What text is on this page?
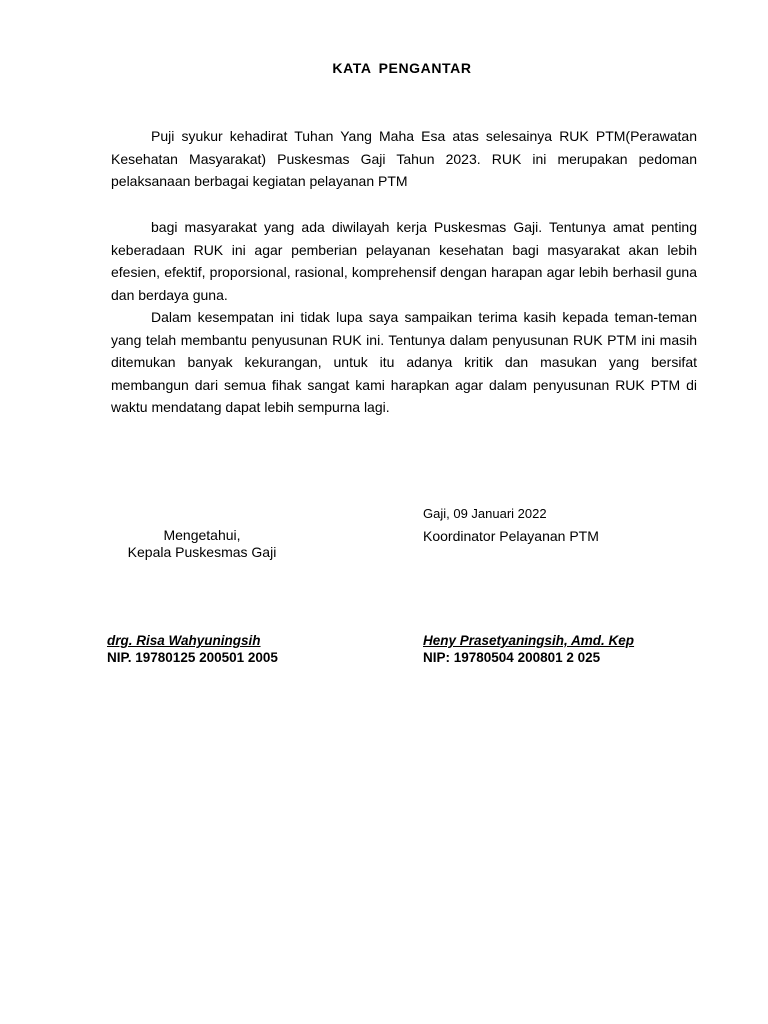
KATA PENGANTAR

Puji syukur kehadirat Tuhan Yang Maha Esa atas selesainya RUK PTM(Perawatan Kesehatan Masyarakat) Puskesmas Gaji Tahun 2023. RUK ini merupakan pedoman pelaksanaan berbagai kegiatan pelayanan PTM

bagi masyarakat yang ada diwilayah kerja Puskesmas Gaji. Tentunya amat penting keberadaan RUK ini agar pemberian pelayanan kesehatan bagi masyarakat akan lebih efesien, efektif, proporsional, rasional, komprehensif dengan harapan agar lebih berhasil guna dan berdaya guna.

Dalam kesempatan ini tidak lupa saya sampaikan terima kasih kepada teman-teman yang telah membantu penyusunan RUK ini. Tentunya dalam penyusunan RUK PTM ini masih ditemukan banyak kekurangan, untuk itu adanya kritik dan masukan yang bersifat membangun dari semua fihak sangat kami harapkan agar dalam penyusunan RUK PTM di waktu mendatang dapat lebih sempurna lagi.

Gaji, 09 Januari 2022
Mengetahui,
Kepala Puskesmas Gaji
Koordinator Pelayanan PTM
drg. Risa Wahyuningsih
NIP. 19780125 200501 2005
Heny Prasetyaningsih, Amd. Kep
NIP: 19780504 200801 2 025
